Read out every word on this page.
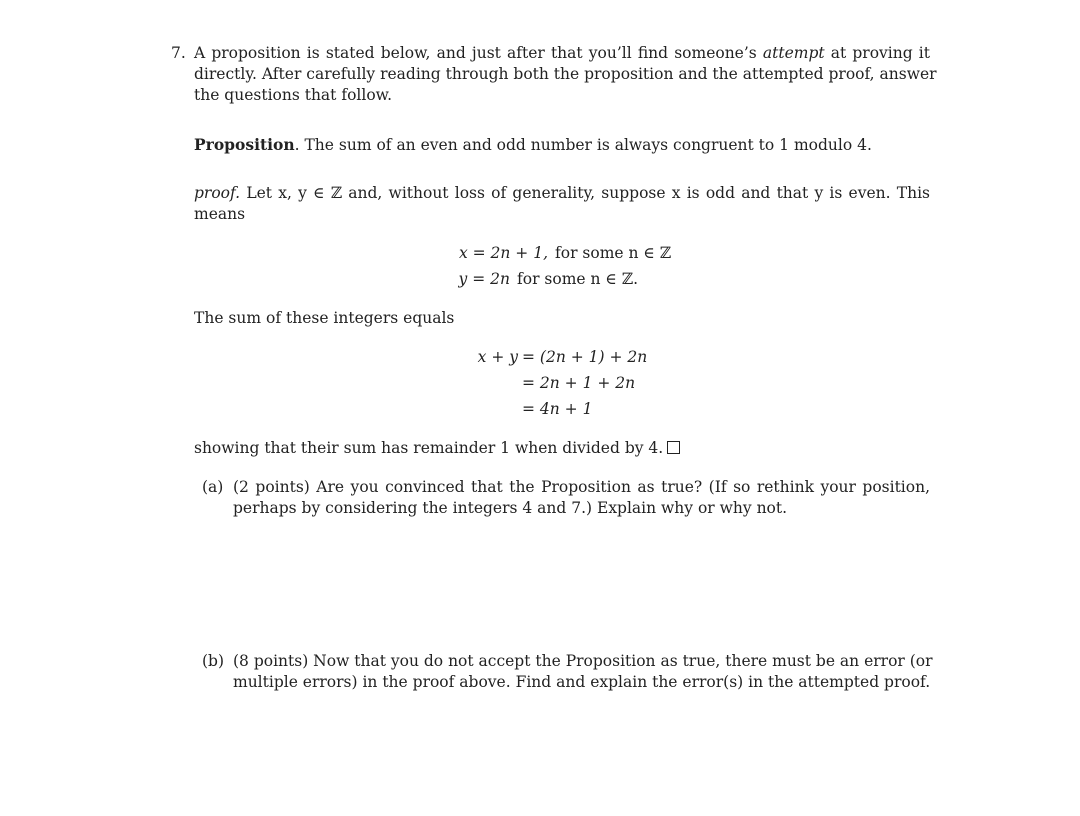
7. A proposition is stated below, and just after that you’ll find someone’s attempt at proving it
directly. After carefully reading through both the proposition and the attempted proof, answer
the questions that follow.
Proposition. The sum of an even and odd number is always congruent to 1 modulo 4.
proof. Let x, y ∈ ℤ and, without loss of generality, suppose x is odd and that y is even. This
means
x = 2n + 1, for some n ∈ ℤ
y = 2n for some n ∈ ℤ.
The sum of these integers equals
x + y = (2n + 1) + 2n
= 2n + 1 + 2n
= 4n + 1
showing that their sum has remainder 1 when divided by 4.
(a) (2 points) Are you convinced that the Proposition as true? (If so rethink your position,
perhaps by considering the integers 4 and 7.) Explain why or why not.
(b) (8 points) Now that you do not accept the Proposition as true, there must be an error (or
multiple errors) in the proof above. Find and explain the error(s) in the attempted proof.
